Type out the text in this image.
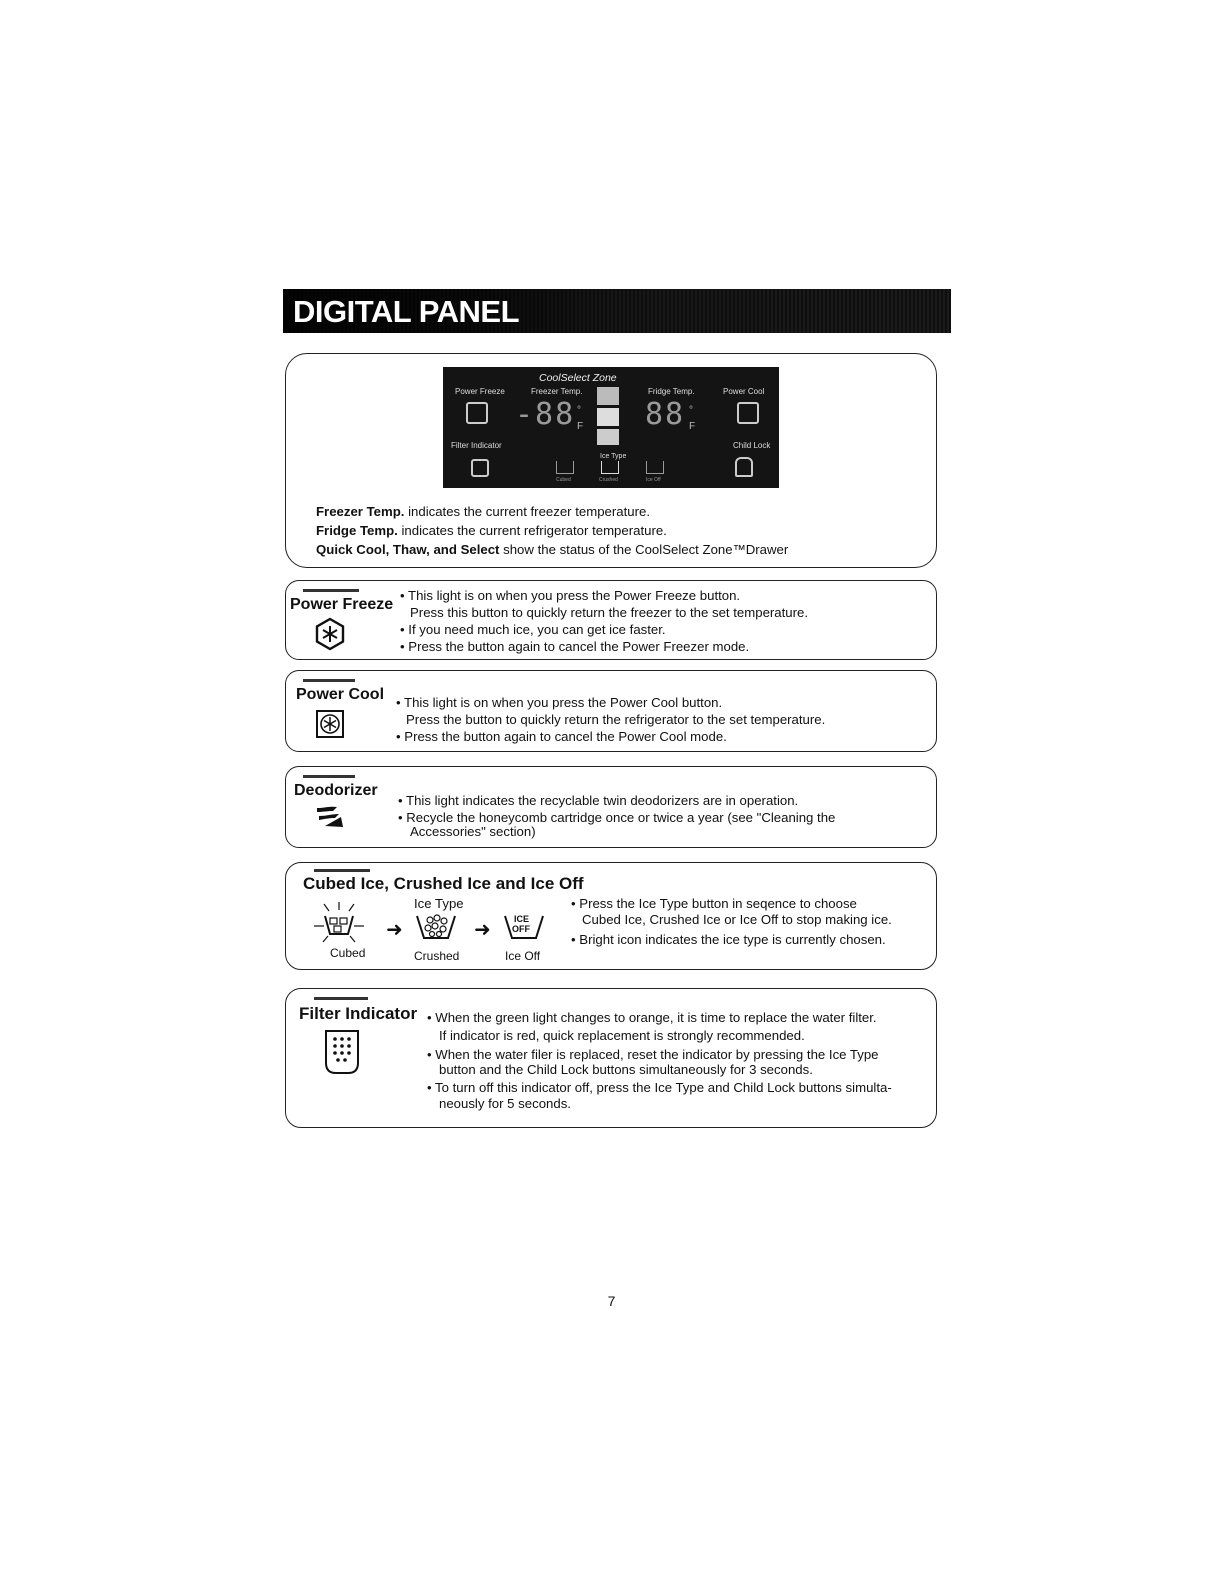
DIGITAL PANEL
CoolSelect Zone
Power Freeze	Freezer Temp.	Fridge Temp.	Power Cool
-88 °
F 88 °
F
Filter Indicator	Child Lock
Ice Type
Cubed	Crushed	Ice Off
Freezer Temp. indicates the current freezer temperature.
Fridge Temp. indicates the current refrigerator temperature.
Quick Cool, Thaw, and Select show the status of the CoolSelect Zone™Drawer
Power Freeze
• This light is on when you press the Power Freeze button.
Press this button to quickly return the freezer to the set temperature.
• If you need much ice, you can get ice faster.
• Press the button again to cancel the Power Freezer mode.
Power Cool • This light is on when you press the Power Cool button.
Press the button to quickly return the refrigerator to the set temperature.
• Press the button again to cancel the Power Cool mode.
Deodorizer
• This light indicates the recyclable twin deodorizers are in operation.
• Recycle the honeycomb cartridge once or twice a year (see "Cleaning the
Accessories" section)
Cubed Ice, Crushed Ice and Ice Off
Ice Type
Cubed
➜
Crushed
➜	ICE
OFF
Ice Off
• Press the Ice Type button in seqence to choose
Cubed Ice, Crushed Ice or Ice Off to stop making ice.
• Bright icon indicates the ice type is currently chosen.
Filter Indicator • When the green light changes to orange, it is time to replace the water filter.
If indicator is red, quick replacement is strongly recommended.
• When the water filer is replaced, reset the indicator by pressing the Ice Type
button and the Child Lock buttons simultaneously for 3 seconds.
• To turn off this indicator off, press the Ice Type and Child Lock buttons simulta-
neously for 5 seconds.
7
